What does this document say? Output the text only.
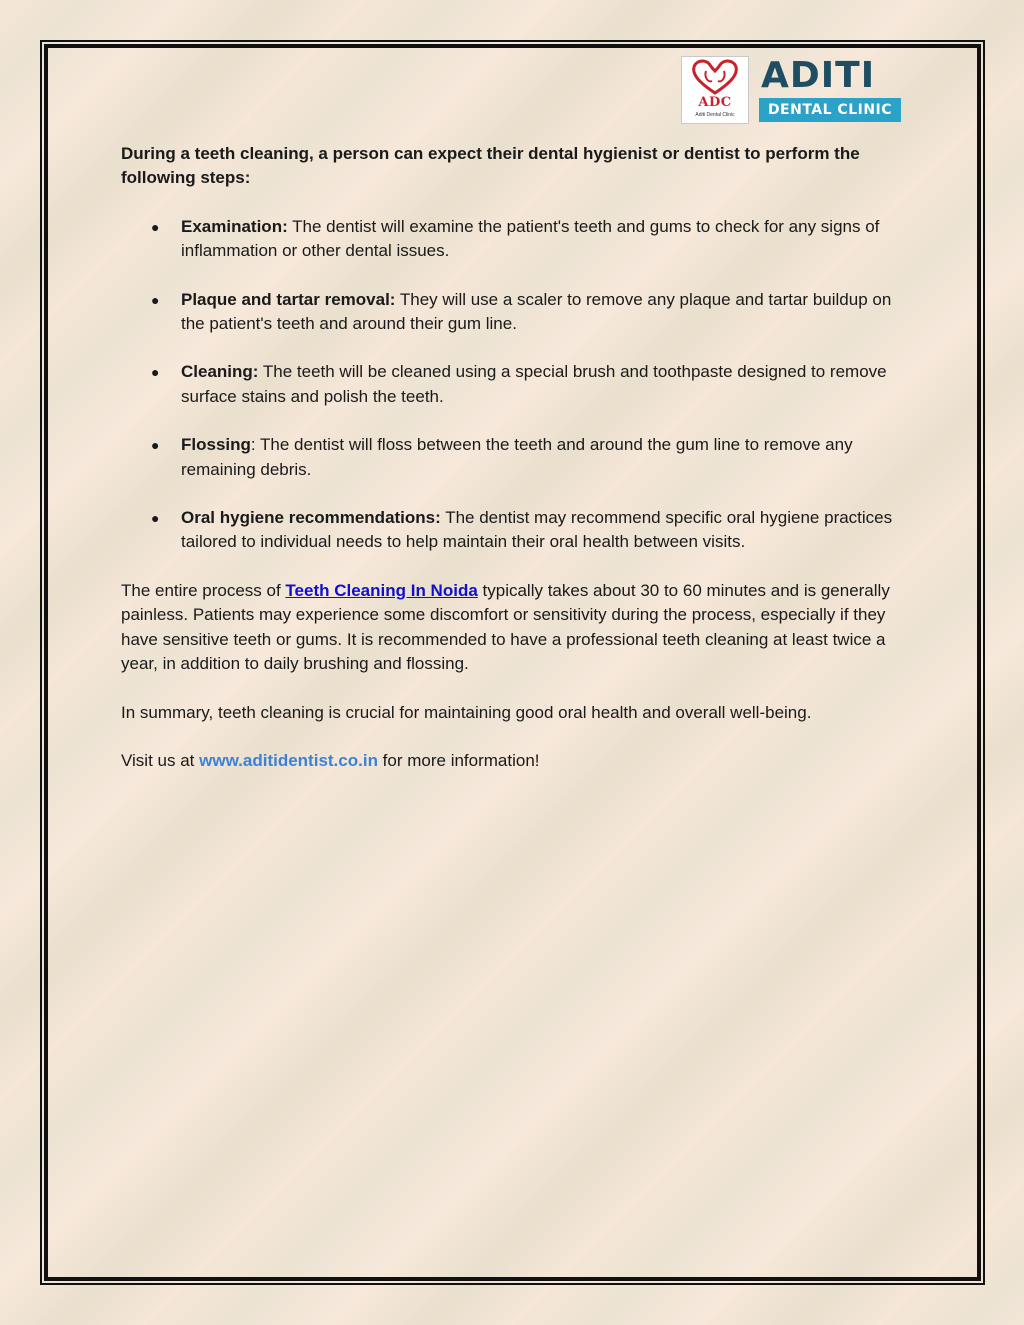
ADC
Aditi Dental Clinic
ADITI
DENTAL CLINIC

During a teeth cleaning, a person can expect their dental hygienist or dentist to perform the following steps:

● Examination: The dentist will examine the patient's teeth and gums to check for any signs of inflammation or other dental issues.
● Plaque and tartar removal: They will use a scaler to remove any plaque and tartar buildup on the patient's teeth and around their gum line.
● Cleaning: The teeth will be cleaned using a special brush and toothpaste designed to remove surface stains and polish the teeth.
● Flossing: The dentist will floss between the teeth and around the gum line to remove any remaining debris.
● Oral hygiene recommendations: The dentist may recommend specific oral hygiene practices tailored to individual needs to help maintain their oral health between visits.

The entire process of Teeth Cleaning In Noida typically takes about 30 to 60 minutes and is generally painless. Patients may experience some discomfort or sensitivity during the process, especially if they have sensitive teeth or gums. It is recommended to have a professional teeth cleaning at least twice a year, in addition to daily brushing and flossing.

In summary, teeth cleaning is crucial for maintaining good oral health and overall well-being.

Visit us at www.aditidentist.co.in for more information!
